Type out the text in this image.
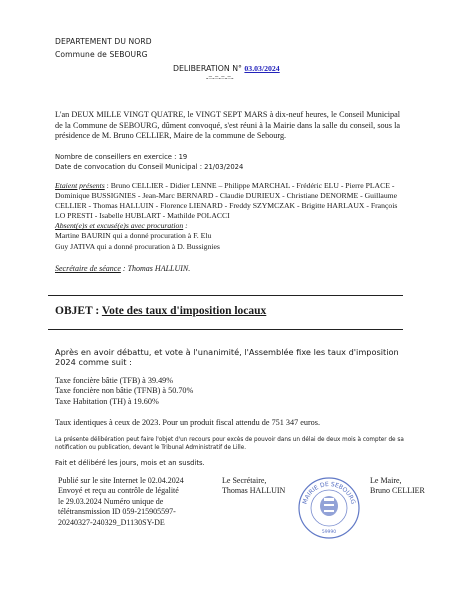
DEPARTEMENT DU NORD
Commune de SEBOURG
DELIBERATION N° 03.03/2024
-=-=-=-=-
L'an DEUX MILLE VINGT QUATRE, le VINGT SEPT MARS à dix-neuf heures, le Conseil Municipal de la Commune de SEBOURG, dûment convoqué, s'est réuni à la Mairie dans la salle du conseil, sous la présidence de M. Bruno CELLIER, Maire de la commune de Sebourg.
Nombre de conseillers en exercice : 19
Date de convocation du Conseil Municipal : 21/03/2024
Etaient présents : Bruno CELLIER - Didier LENNE – Philippe MARCHAL - Frédéric ELU - Pierre PLACE - Dominique BUSSIGNIES - Jean-Marc BERNARD - Claudie DURIEUX - Christiane DENORME - Guillaume CELLIER - Thomas HALLUIN - Florence LIENARD - Freddy SZYMCZAK - Brigitte HARLAUX - François LO PRESTI - Isabelle HUBLART - Mathilde POLACCI
Absent(e)s et excusé(e)s avec procuration :
Martine BAURIN qui a donné procuration à F. Elu
Guy JATIVA qui a donné procuration à D. Bussignies
Secrétaire de séance : Thomas HALLUIN.
OBJET : Vote des taux d'imposition locaux
Après en avoir débattu, et vote à l'unanimité, l'Assemblée fixe les taux d'imposition 2024 comme suit :
Taxe foncière bâtie (TFB) à 39.49%
Taxe foncière non bâtie (TFNB) à 50.70%
Taxe Habitation (TH) à 19.60%
Taux identiques à ceux de 2023. Pour un produit fiscal attendu de 751 347 euros.
La présente délibération peut faire l'objet d'un recours pour excès de pouvoir dans un délai de deux mois à compter de sa notification ou publication, devant le Tribunal Administratif de Lille.
Fait et délibéré les jours, mois et an susdits.
Publié sur le site Internet le 02.04.2024
Envoyé et reçu au contrôle de légalité
le 29.03.2024 Numéro unique de
télétransmission ID 059-215905597-
20240327-240329_D1130SY-DE
Le Secrétaire,
Thomas HALLUIN
Le Maire,
Bruno CELLIER
MAIRIE DE SEBOURG
59990
